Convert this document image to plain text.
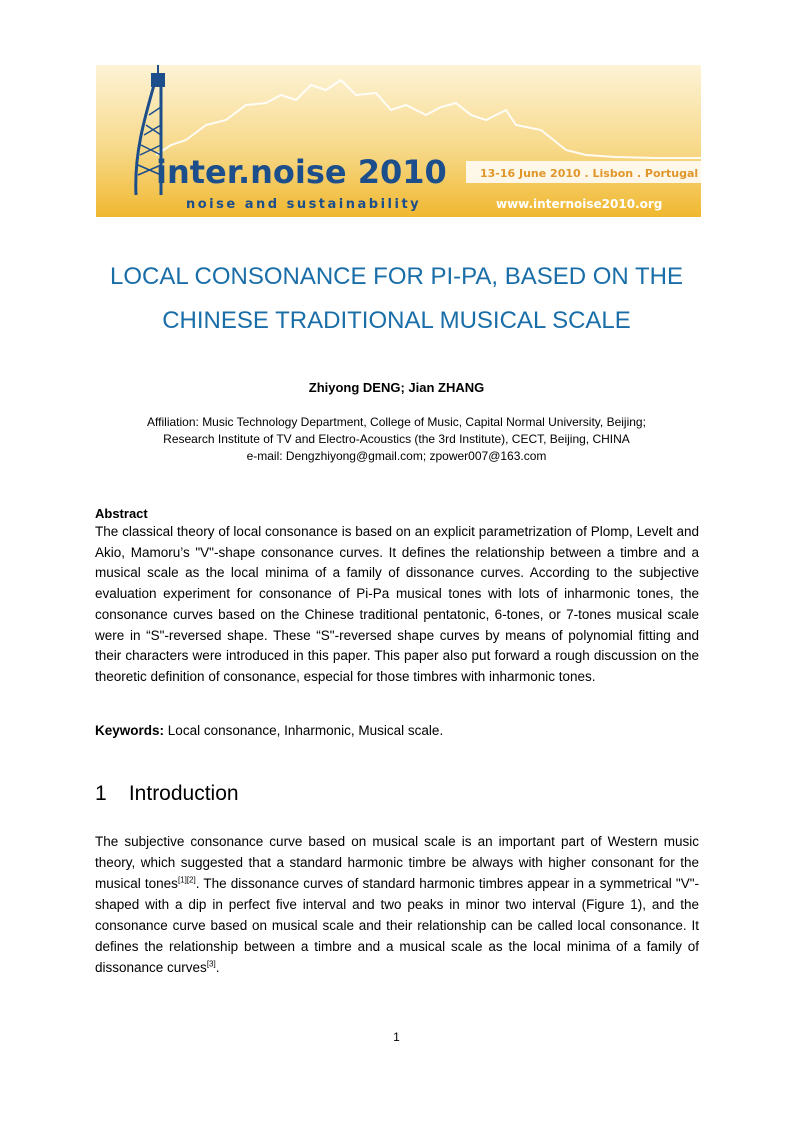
inter.noise 2010
noise and sustainability
13-16 June 2010 . Lisbon . Portugal
www.internoise2010.org
LOCAL CONSONANCE FOR PI-PA, BASED ON THE
CHINESE TRADITIONAL MUSICAL SCALE
Zhiyong DENG; Jian ZHANG
Affiliation: Music Technology Department, College of Music, Capital Normal University, Beijing;
Research Institute of TV and Electro-Acoustics (the 3rd Institute), CECT, Beijing, CHINA
e-mail: Dengzhiyong@gmail.com; zpower007@163.com
Abstract
The classical theory of local consonance is based on an explicit parametrization of Plomp, Levelt and Akio, Mamoru’s "V"-shape consonance curves. It defines the relationship between a timbre and a musical scale as the local minima of a family of dissonance curves. According to the subjective evaluation experiment for consonance of Pi-Pa musical tones with lots of inharmonic tones, the consonance curves based on the Chinese traditional pentatonic, 6-tones, or 7-tones musical scale were in “S"-reversed shape. These “S"-reversed shape curves by means of polynomial fitting and their characters were introduced in this paper. This paper also put forward a rough discussion on the theoretic definition of consonance, especial for those timbres with inharmonic tones.
Keywords: Local consonance, Inharmonic, Musical scale.
1 Introduction
The subjective consonance curve based on musical scale is an important part of Western music theory, which suggested that a standard harmonic timbre be always with higher consonant for the musical tones[1][2]. The dissonance curves of standard harmonic timbres appear in a symmetrical "V"-shaped with a dip in perfect five interval and two peaks in minor two interval (Figure 1), and the consonance curve based on musical scale and their relationship can be called local consonance. It defines the relationship between a timbre and a musical scale as the local minima of a family of dissonance curves[3].
1
